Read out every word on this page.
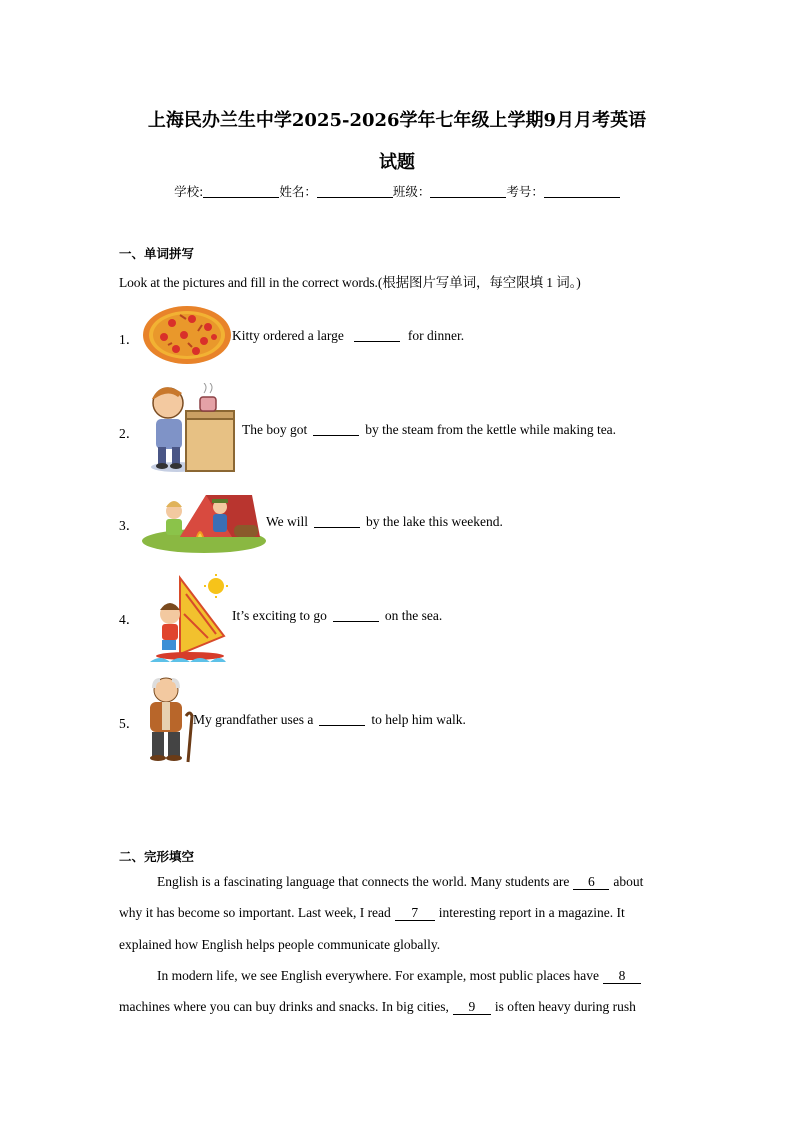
上海民办兰生中学2025-2026学年七年级上学期9月月考英语
试题
学校:	姓名：	班级：	考号：
一、单词拼写
Look at the pictures and fill in the correct words.(根据图片写单词，每空限填 1 词。)
1．	Kitty ordered a large	for dinner.
2．	The boy got	by the steam from the kettle while making tea.
3．	We will	by the lake this weekend.
4．	It’s exciting to go	on the sea.
5．	My grandfather uses a	to help him walk.
二、完形填空
English is a fascinating language that connects the world. Many students are 6 about
why it has become so important. Last week, I read 7 interesting report in a magazine. It
explained how English helps people communicate globally.
In modern life, we see English everywhere. For example, most public places have 8
machines where you can buy drinks and snacks. In big cities, 9 is often heavy during rush
